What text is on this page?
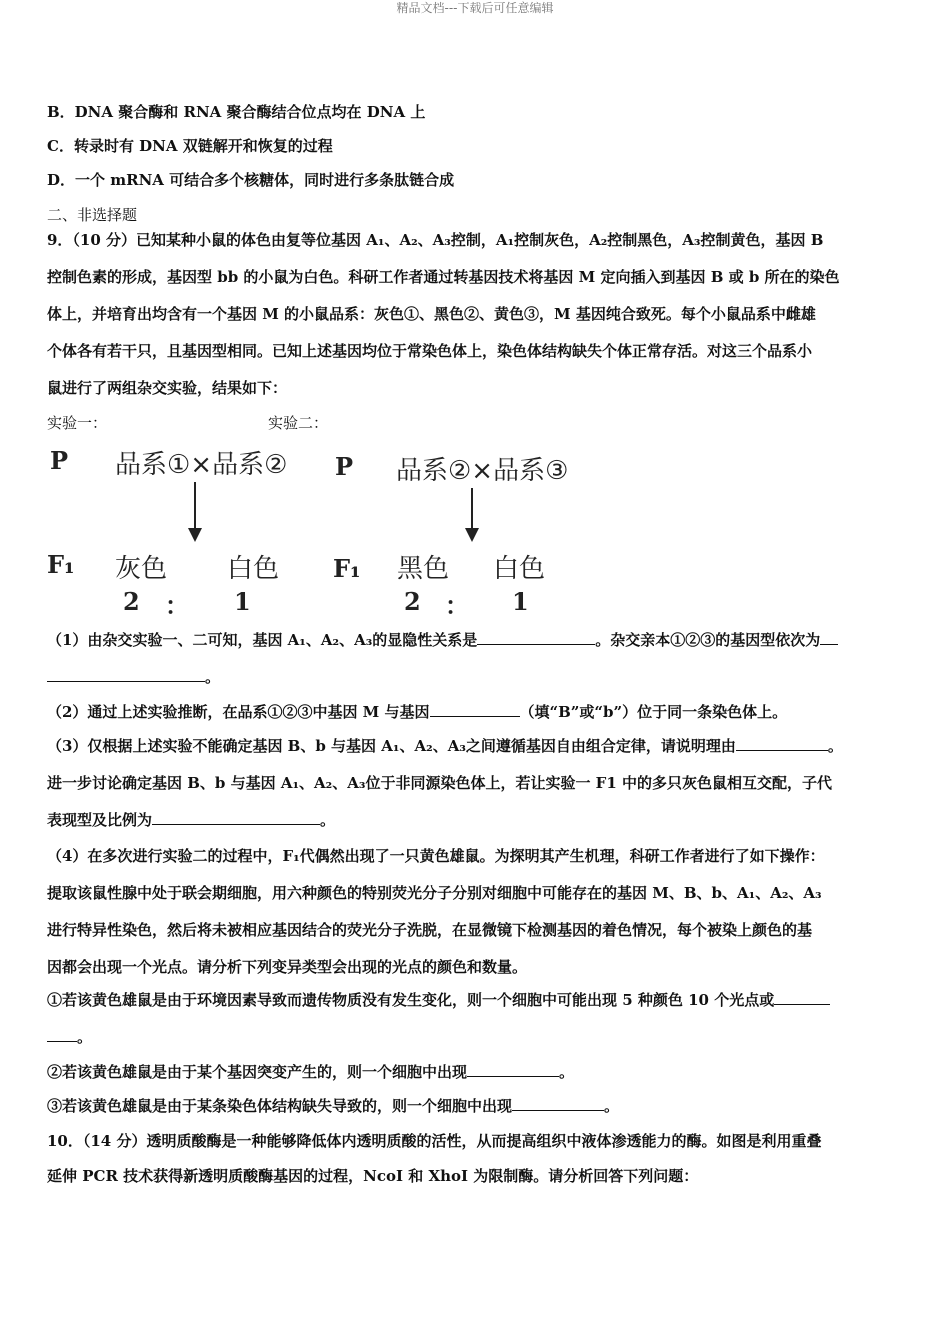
精品文档---下载后可任意编辑
B．DNA 聚合酶和 RNA 聚合酶结合位点均在 DNA 上
C．转录时有 DNA 双链解开和恢复的过程
D．一个 mRNA 可结合多个核糖体，同时进行多条肽链合成
二、非选择题
9．（10 分）已知某种小鼠的体色由复等位基因 A₁、A₂、A₃控制，A₁控制灰色，A₂控制黑色，A₃控制黄色，基因 B
控制色素的形成，基因型 bb 的小鼠为白色。科研工作者通过转基因技术将基因 M 定向插入到基因 B 或 b 所在的染色
体上，并培育出均含有一个基因 M 的小鼠品系：灰色①、黑色②、黄色③，M 基因纯合致死。每个小鼠品系中雌雄
个体各有若干只，且基因型相同。已知上述基因均位于常染色体上，染色体结构缺失个体正常存活。对这三个品系小
鼠进行了两组杂交实验，结果如下：
实验一：	实验二：
P 品系①×品系② P 品系②×品系③
F₁ 灰色 白色
2 ： 1
F₁ 黑色 白色
2 ： 1
（1）由杂交实验一、二可知，基因 A₁、A₂、A₃的显隐性关系是	。杂交亲本①②③的基因型依次为
。
（2）通过上述实验推断，在品系①②③中基因 M 与基因	（填“B”或“b”）位于同一条染色体上。
（3）仅根据上述实验不能确定基因 B、b 与基因 A₁、A₂、A₃之间遵循基因自由组合定律，请说明理由	。
进一步讨论确定基因 B、b 与基因 A₁、A₂、A₃位于非同源染色体上，若让实验一 F1 中的多只灰色鼠相互交配，子代
表现型及比例为	。
（4）在多次进行实验二的过程中，F₁代偶然出现了一只黄色雄鼠。为探明其产生机理，科研工作者进行了如下操作：
提取该鼠性腺中处于联会期细胞，用六种颜色的特别荧光分子分别对细胞中可能存在的基因 M、B、b、A₁、A₂、A₃
进行特异性染色，然后将未被相应基因结合的荧光分子洗脱，在显微镜下检测基因的着色情况，每个被染上颜色的基
因都会出现一个光点。请分析下列变异类型会出现的光点的颜色和数量。
①若该黄色雄鼠是由于环境因素导致而遗传物质没有发生变化，则一个细胞中可能出现 5 种颜色 10 个光点或
。
②若该黄色雄鼠是由于某个基因突变产生的，则一个细胞中出现	。
③若该黄色雄鼠是由于某条染色体结构缺失导致的，则一个细胞中出现	。
10．（14 分）透明质酸酶是一种能够降低体内透明质酸的活性，从而提高组织中液体渗透能力的酶。如图是利用重叠
延伸 PCR 技术获得新透明质酸酶基因的过程，NcoI 和 XhoI 为限制酶。请分析回答下列问题：
